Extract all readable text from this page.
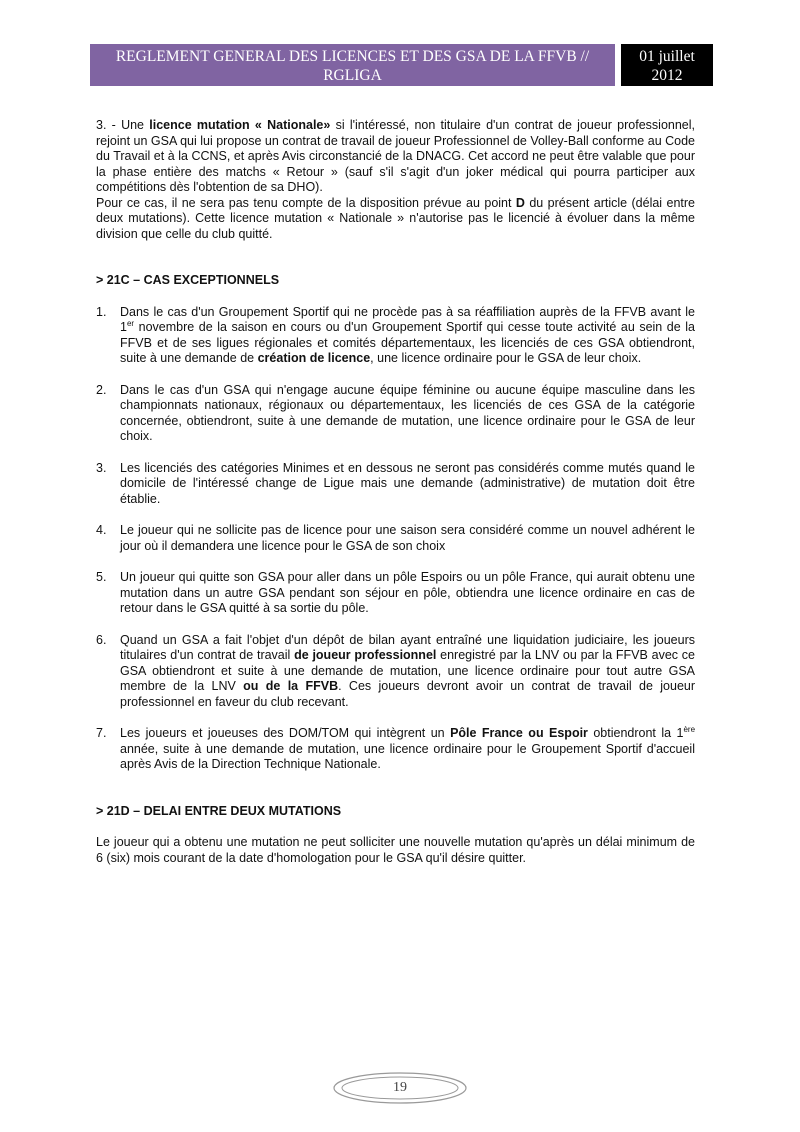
REGLEMENT GENERAL DES LICENCES ET DES GSA DE LA FFVB //
RGLIGA
01 juillet
2012

3. - Une licence mutation « Nationale» si l'intéressé, non titulaire d'un contrat de joueur professionnel, rejoint un GSA qui lui propose un contrat de travail de joueur Professionnel de Volley-Ball conforme au Code du Travail et à la CCNS, et après Avis circonstancié de la DNACG. Cet accord ne peut être valable que pour la phase entière des matchs « Retour » (sauf s'il s'agit d'un joker médical qui pourra participer aux compétitions dès l'obtention de sa DHO).

Pour ce cas, il ne sera pas tenu compte de la disposition prévue au point D du présent article (délai entre deux mutations). Cette licence mutation « Nationale » n'autorise pas le licencié à évoluer dans la même division que celle du club quitté.

> 21C – CAS EXCEPTIONNELS

1. Dans le cas d'un Groupement Sportif qui ne procède pas à sa réaffiliation auprès de la FFVB avant le 1er novembre de la saison en cours ou d'un Groupement Sportif qui cesse toute activité au sein de la FFVB et de ses ligues régionales et comités départementaux, les licenciés de ces GSA obtiendront, suite à une demande de création de licence, une licence ordinaire pour le GSA de leur choix.
2. Dans le cas d'un GSA qui n'engage aucune équipe féminine ou aucune équipe masculine dans les championnats nationaux, régionaux ou départementaux, les licenciés de ces GSA de la catégorie concernée, obtiendront, suite à une demande de mutation, une licence ordinaire pour le GSA de leur choix.
3. Les licenciés des catégories Minimes et en dessous ne seront pas considérés comme mutés quand le domicile de l'intéressé change de Ligue mais une demande (administrative) de mutation doit être établie.
4. Le joueur qui ne sollicite pas de licence pour une saison sera considéré comme un nouvel adhérent le jour où il demandera une licence pour le GSA de son choix
5. Un joueur qui quitte son GSA pour aller dans un pôle Espoirs ou un pôle France, qui aurait obtenu une mutation dans un autre GSA pendant son séjour en pôle, obtiendra une licence ordinaire en cas de retour dans le GSA quitté à sa sortie du pôle.
6. Quand un GSA a fait l'objet d'un dépôt de bilan ayant entraîné une liquidation judiciaire, les joueurs titulaires d'un contrat de travail de joueur professionnel enregistré par la LNV ou par la FFVB avec ce GSA obtiendront et suite à une demande de mutation, une licence ordinaire pour tout autre GSA membre de la LNV ou de la FFVB. Ces joueurs devront avoir un contrat de travail de joueur professionnel en faveur du club recevant.
7. Les joueurs et joueuses des DOM/TOM qui intègrent un Pôle France ou Espoir obtiendront la 1ère année, suite à une demande de mutation, une licence ordinaire pour le Groupement Sportif d'accueil après Avis de la Direction Technique Nationale.

> 21D – DELAI ENTRE DEUX MUTATIONS

Le joueur qui a obtenu une mutation ne peut solliciter une nouvelle mutation qu'après un délai minimum de 6 (six) mois courant de la date d'homologation pour le GSA qu'il désire quitter.

19
